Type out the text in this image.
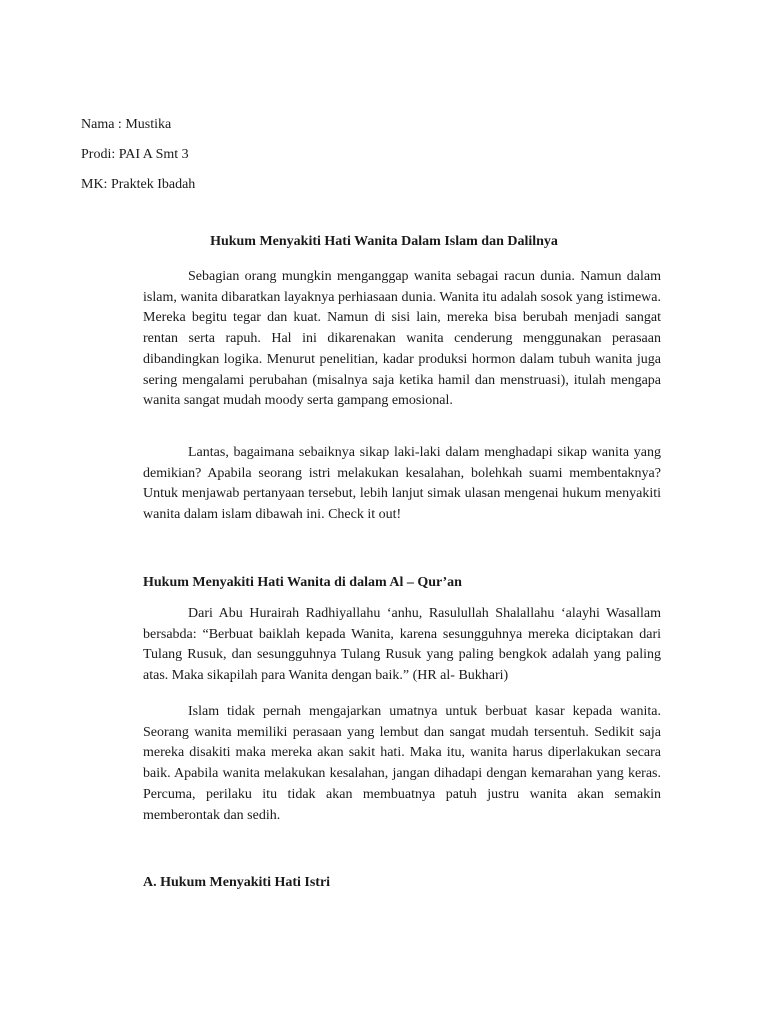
Nama : Mustika
Prodi: PAI A Smt 3
MK: Praktek Ibadah
Hukum Menyakiti Hati Wanita Dalam Islam dan Dalilnya

Sebagian orang mungkin menganggap wanita sebagai racun dunia. Namun dalam islam, wanita dibaratkan layaknya perhiasaan dunia. Wanita itu adalah sosok yang istimewa. Mereka begitu tegar dan kuat. Namun di sisi lain, mereka bisa berubah menjadi sangat rentan serta rapuh. Hal ini dikarenakan wanita cenderung menggunakan perasaan dibandingkan logika. Menurut penelitian, kadar produksi hormon dalam tubuh wanita juga sering mengalami perubahan (misalnya saja ketika hamil dan menstruasi), itulah mengapa wanita sangat mudah moody serta gampang emosional.

Lantas, bagaimana sebaiknya sikap laki-laki dalam menghadapi sikap wanita yang demikian? Apabila seorang istri melakukan kesalahan, bolehkah suami membentaknya? Untuk menjawab pertanyaan tersebut, lebih lanjut simak ulasan mengenai hukum menyakiti wanita dalam islam dibawah ini. Check it out!

Hukum Menyakiti Hati Wanita di dalam Al – Qur’an

Dari Abu Hurairah Radhiyallahu ‘anhu, Rasulullah Shalallahu ‘alayhi Wasallam bersabda: “Berbuat baiklah kepada Wanita, karena sesungguhnya mereka diciptakan dari Tulang Rusuk, dan sesungguhnya Tulang Rusuk yang paling bengkok adalah yang paling atas. Maka sikapilah para Wanita dengan baik.” (HR al- Bukhari)

Islam tidak pernah mengajarkan umatnya untuk berbuat kasar kepada wanita. Seorang wanita memiliki perasaan yang lembut dan sangat mudah tersentuh. Sedikit saja mereka disakiti maka mereka akan sakit hati. Maka itu, wanita harus diperlakukan secara baik. Apabila wanita melakukan kesalahan, jangan dihadapi dengan kemarahan yang keras. Percuma, perilaku itu tidak akan membuatnya patuh justru wanita akan semakin memberontak dan sedih.

A. Hukum Menyakiti Hati Istri
